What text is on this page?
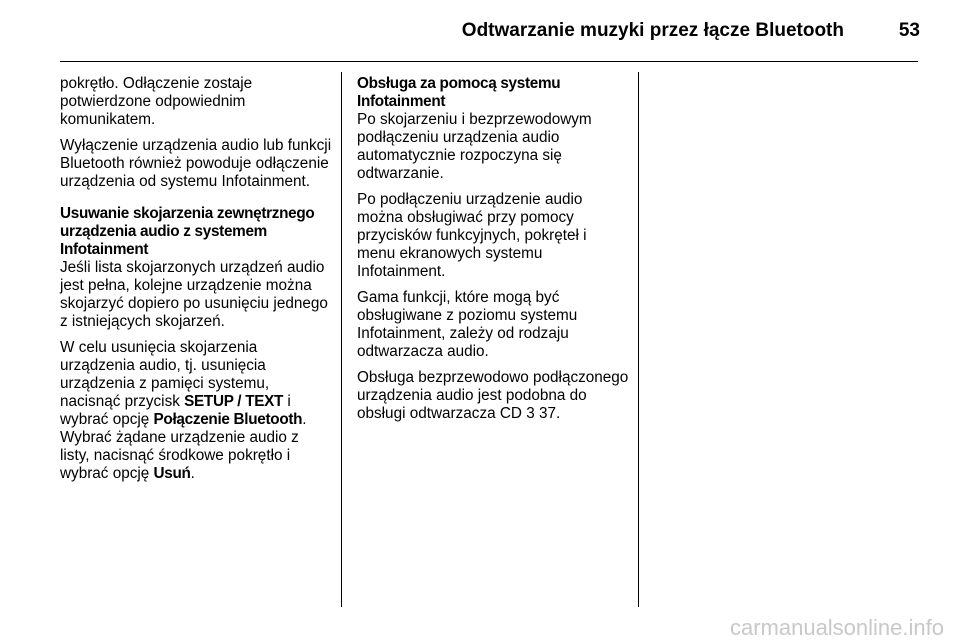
Odtwarzanie muzyki przez łącze Bluetooth	53

pokrętło. Odłączenie zostaje potwierdzone odpowiednim komunikatem.

Wyłączenie urządzenia audio lub funkcji Bluetooth również powoduje odłączenie urządzenia od systemu Infotainment.

Usuwanie skojarzenia zewnętrznego urządzenia audio z systemem Infotainment

Jeśli lista skojarzonych urządzeń audio jest pełna, kolejne urządzenie można skojarzyć dopiero po usunięciu jednego z istniejących skojarzeń.

W celu usunięcia skojarzenia urządzenia audio, tj. usunięcia urządzenia z pamięci systemu, nacisnąć przycisk SETUP / TEXT i wybrać opcję Połączenie Bluetooth. Wybrać żądane urządzenie audio z listy, nacisnąć środkowe pokrętło i wybrać opcję Usuń.

Obsługa za pomocą systemu Infotainment

Po skojarzeniu i bezprzewodowym podłączeniu urządzenia audio automatycznie rozpoczyna się odtwarzanie.

Po podłączeniu urządzenie audio można obsługiwać przy pomocy przycisków funkcyjnych, pokręteł i menu ekranowych systemu Infotainment.

Gama funkcji, które mogą być obsługiwane z poziomu systemu Infotainment, zależy od rodzaju odtwarzacza audio.

Obsługa bezprzewodowo podłączonego urządzenia audio jest podobna do obsługi odtwarzacza CD 3 37.

carmanualsonline.info
